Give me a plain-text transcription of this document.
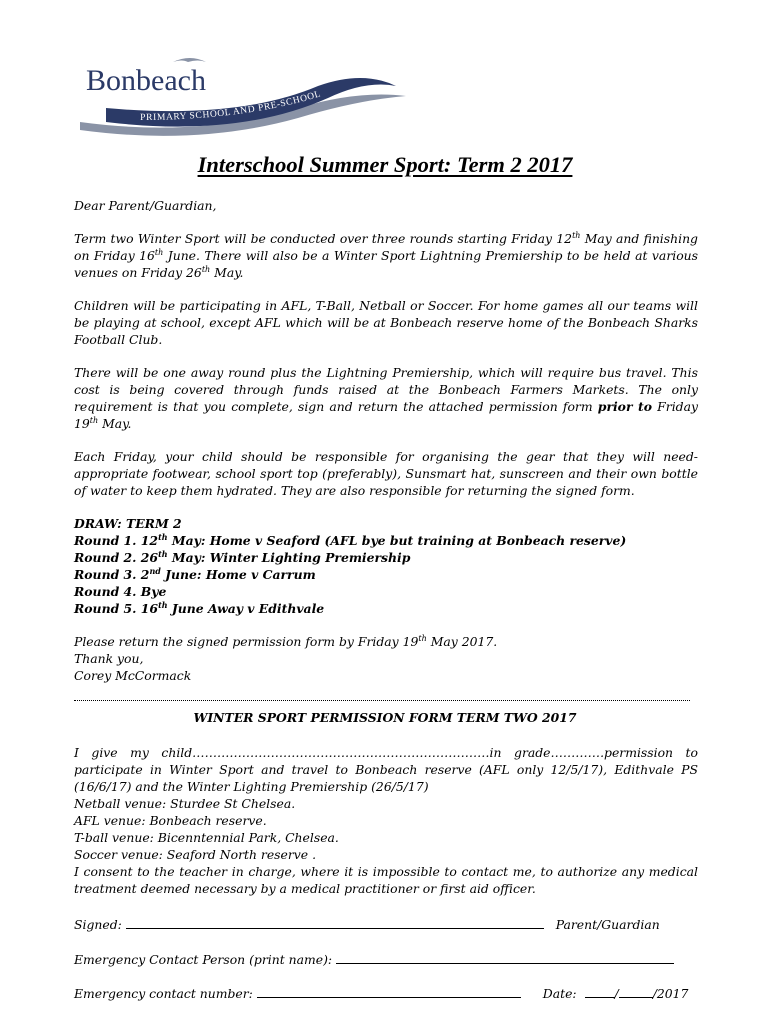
Bonbeach
PRIMARY SCHOOL AND PRE-SCHOOL
Interschool Summer Sport: Term 2 2017

Dear Parent/Guardian,

Term two Winter Sport will be conducted over three rounds starting Friday 12th May and finishing on Friday 16th June. There will also be a Winter Sport Lightning Premiership to be held at various venues on Friday 26th May.

Children will be participating in AFL, T-Ball, Netball or Soccer. For home games all our teams will be playing at school, except AFL which will be at Bonbeach reserve home of the Bonbeach Sharks Football Club.

There will be one away round plus the Lightning Premiership, which will require bus travel. This cost is being covered through funds raised at the Bonbeach Farmers Markets. The only requirement is that you complete, sign and return the attached permission form prior to Friday 19th May.

Each Friday, your child should be responsible for organising the gear that they will need- appropriate footwear, school sport top (preferably), Sunsmart hat, sunscreen and their own bottle of water to keep them hydrated. They are also responsible for returning the signed form.

DRAW: TERM 2
Round 1. 12th May: Home v Seaford (AFL bye but training at Bonbeach reserve)
Round 2. 26th May: Winter Lighting Premiership
Round 3. 2nd June: Home v Carrum
Round 4. Bye
Round 5. 16th June Away v Edithvale
Please return the signed permission form by Friday 19th May 2017.
Thank you,
Corey McCormack
WINTER SPORT PERMISSION FORM TERM TWO 2017
I give my child………………………………………………………………in grade………….permission to participate in Winter Sport and travel to Bonbeach reserve (AFL only 12/5/17), Edithvale PS (16/6/17) and the Winter Lighting Premiership (26/5/17)
Netball venue: Sturdee St Chelsea.
AFL venue: Bonbeach reserve.
T-ball venue: Bicenntennial Park, Chelsea.
Soccer venue: Seaford North reserve .
I consent to the teacher in charge, where it is impossible to contact me, to authorize any medical treatment deemed necessary by a medical practitioner or first aid officer.
Signed:	Parent/Guardian
Emergency Contact Person (print name):
Emergency contact number:	Date:	/	/2017
